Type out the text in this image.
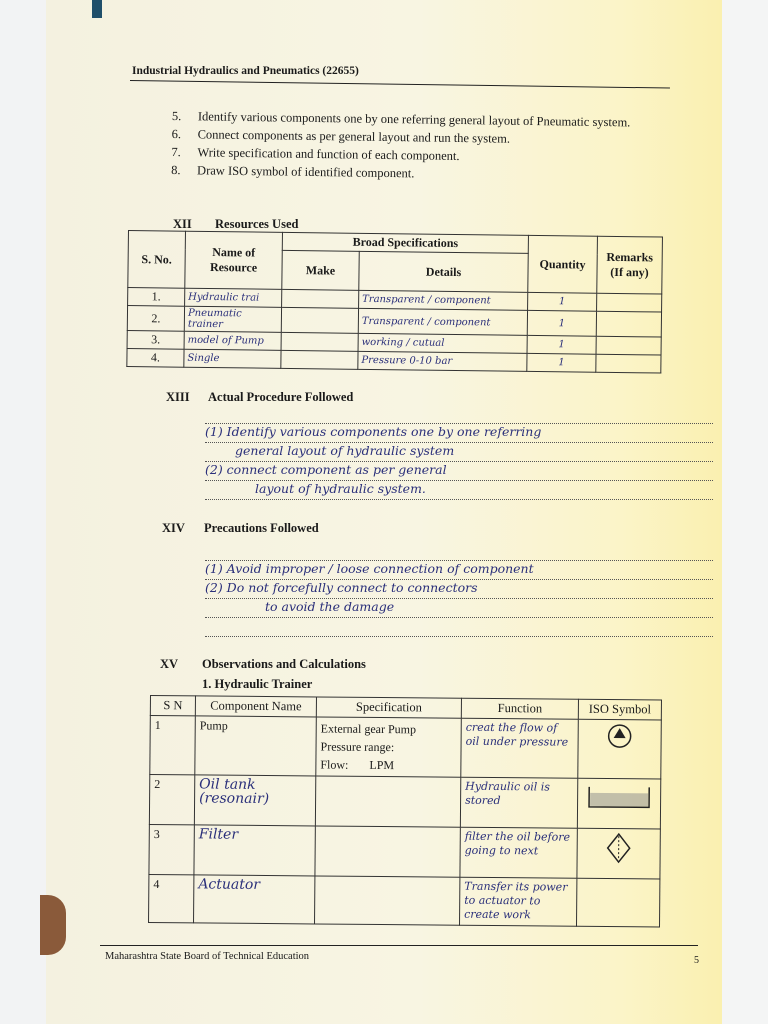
Industrial Hydraulics and Pneumatics (22655)
5.	Identify various components one by one referring general layout of Pneumatic system.
6.	Connect components as per general layout and run the system.
7.	Write specification and function of each component.
8.	Draw ISO symbol of identified component.
XII Resources Used
S. No.	Name of Resource	Broad Specifications		Quantity	Remarks (If any)
		Make	Details		
1.	Hydraulic trai		Transparent / component	1	
2.	Pneumatic trainer		Transparent / component	1	
3.	model of Pump		working / cutual	1	
4.	Single		Pressure 0-10 bar	1	
XIII Actual Procedure Followed
(1) Identify various components one by one referring
general layout of hydraulic system
(2) connect component as per general
layout of hydraulic system.
XIV Precautions Followed
(1) Avoid improper / loose connection of component
(2) Do not forcefully connect to connectors
to avoid the damage
XV Observations and Calculations
1. Hydraulic Trainer
S N	Component Name	Specification	Function	ISO Symbol
1	Pump	External gear Pump
Pressure range:
Flow:       LPM	creat the flow of oil under pressure	
2	Oil tank (resonair)		Hydraulic oil is stored	
3	Filter		filter the oil before going to next	
4	Actuator		Transfer its power to actuator to create work	
Maharashtra State Board of Technical Education	5
